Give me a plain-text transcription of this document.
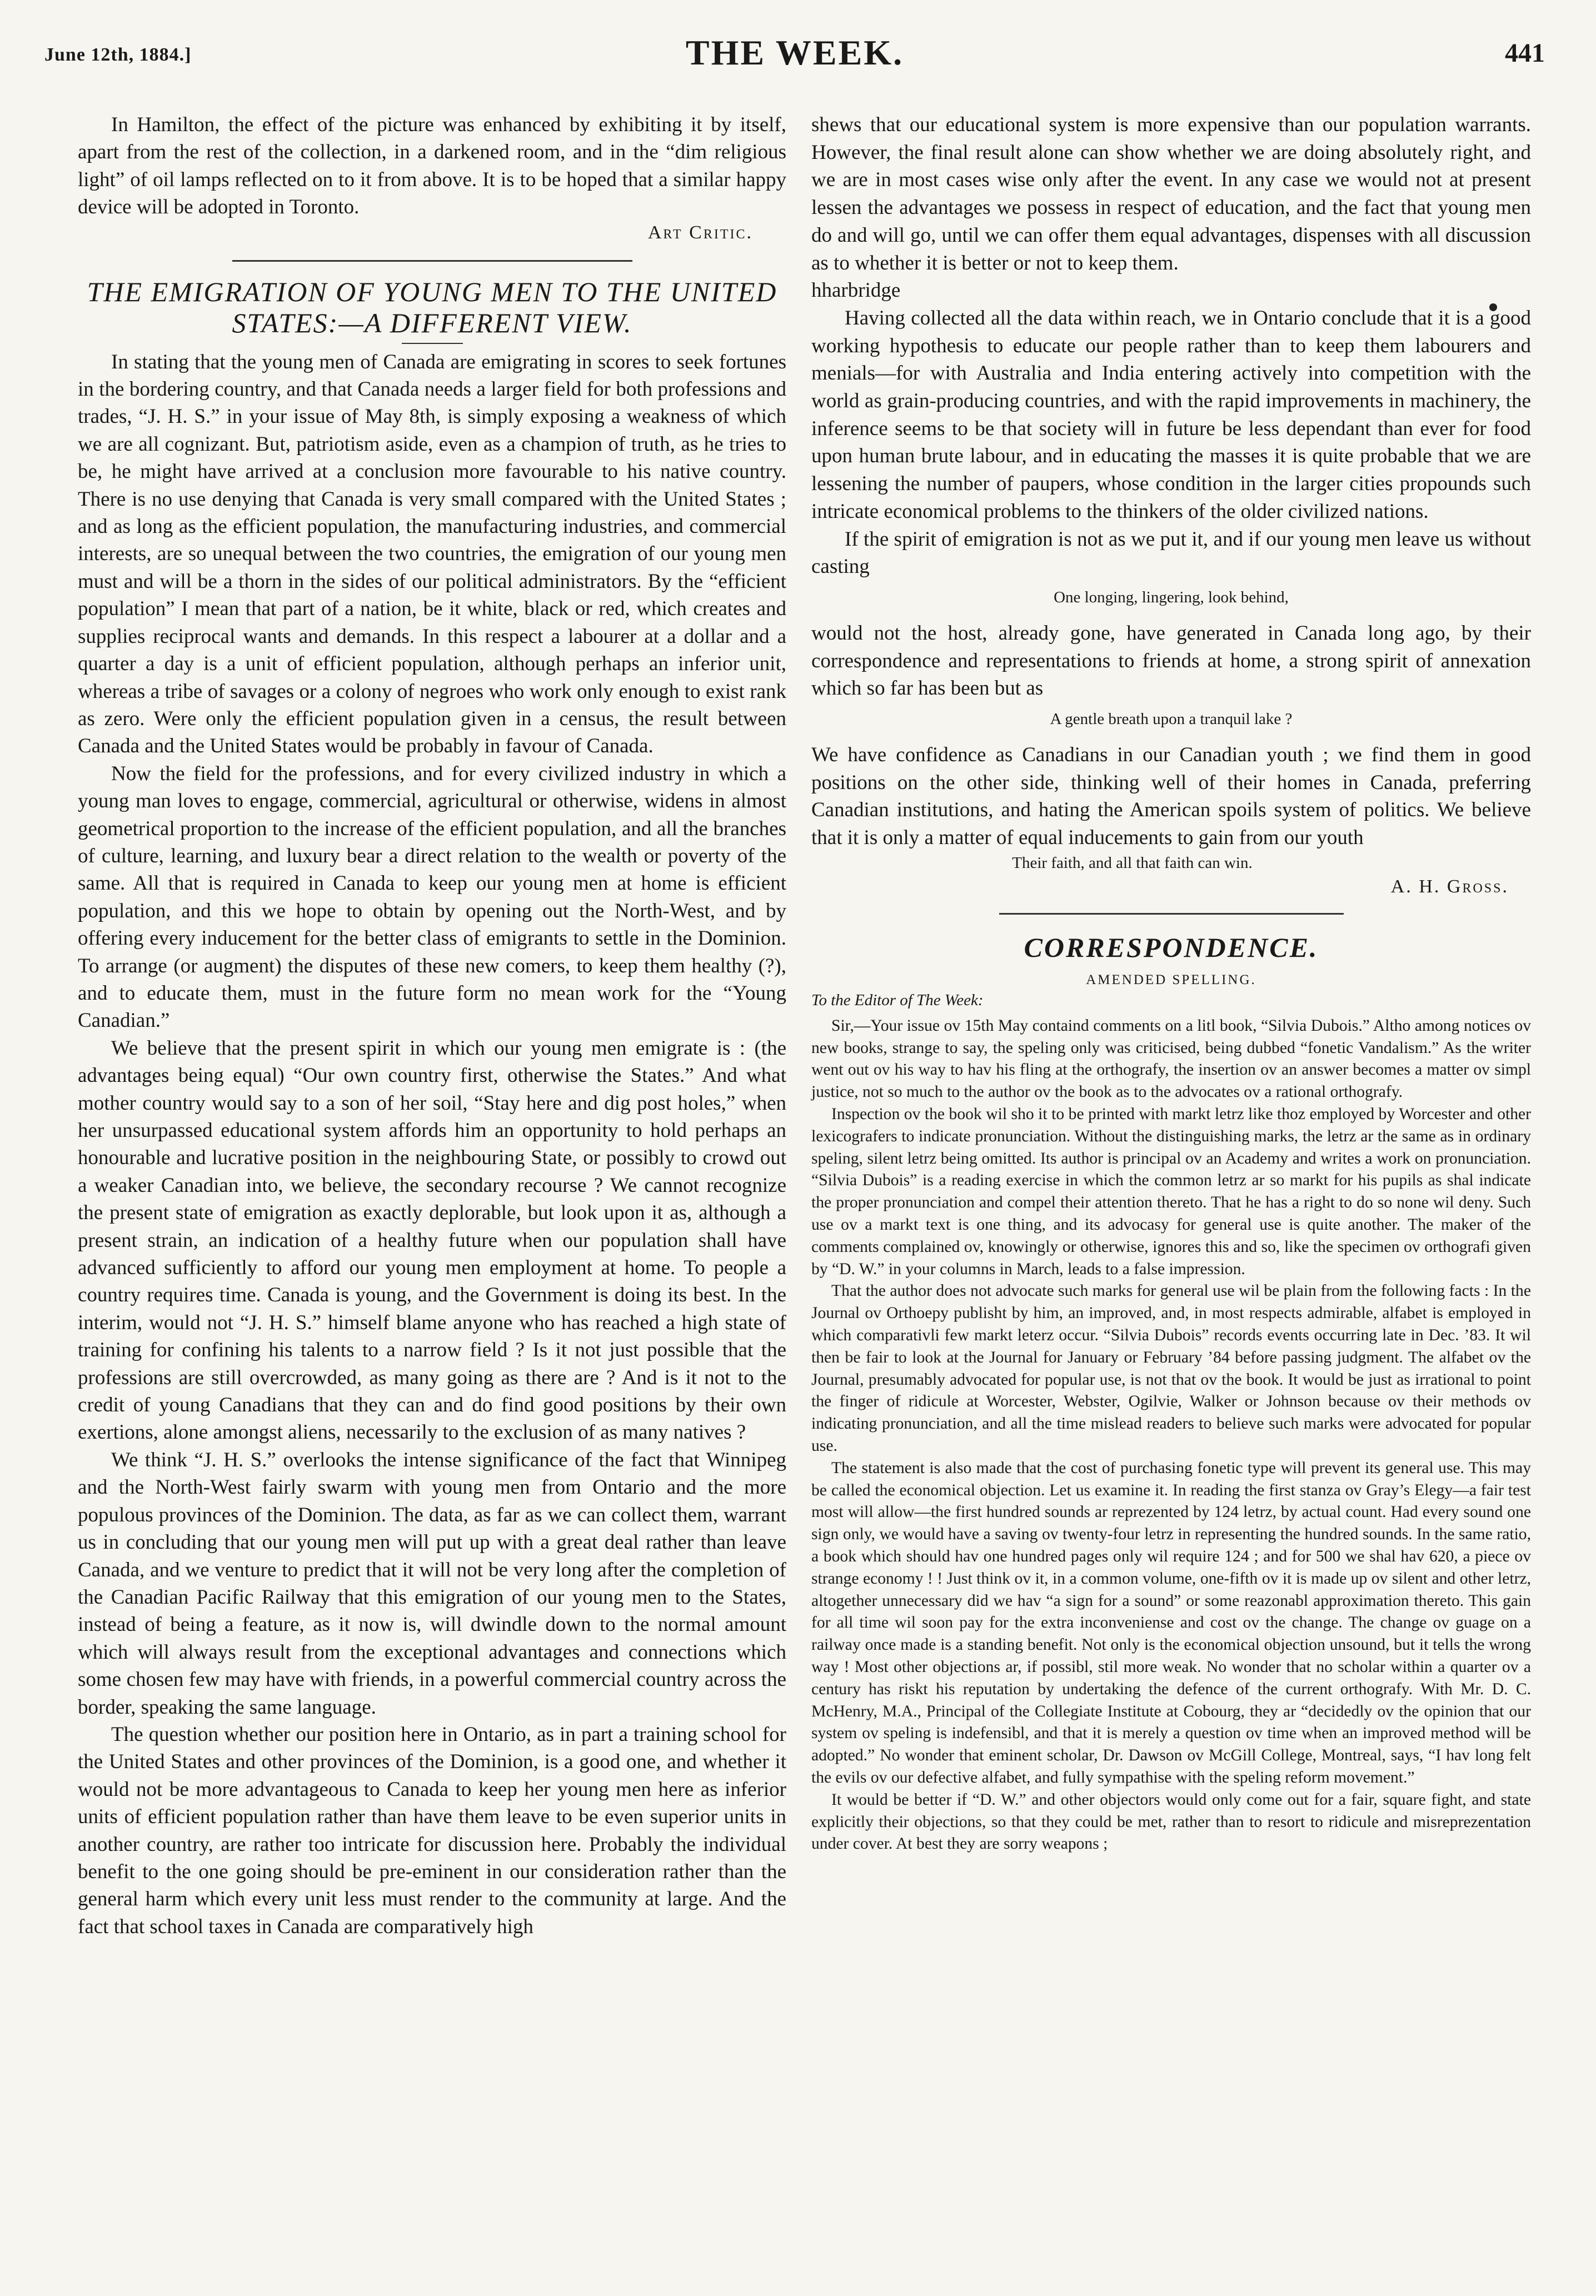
June 12th, 1884.]	THE WEEK.	441

In Hamilton, the effect of the picture was enhanced by exhibiting it by itself, apart from the rest of the collection, in a darkened room, and in the “dim religious light” of oil lamps reflected on to it from above. It is to be hoped that a similar happy device will be adopted in Toronto.

Art Critic.
THE EMIGRATION OF YOUNG MEN TO THE UNITED
STATES:—A DIFFERENT VIEW.

In stating that the young men of Canada are emigrating in scores to seek fortunes in the bordering country, and that Canada needs a larger field for both professions and trades, “J. H. S.” in your issue of May 8th, is simply exposing a weakness of which we are all cognizant. But, patriotism aside, even as a champion of truth, as he tries to be, he might have arrived at a conclusion more favourable to his native country. There is no use denying that Canada is very small compared with the United States ; and as long as the efficient population, the manufacturing industries, and commercial interests, are so unequal between the two countries, the emigration of our young men must and will be a thorn in the sides of our political administrators. By the “efficient population” I mean that part of a nation, be it white, black or red, which creates and supplies reciprocal wants and demands. In this respect a labourer at a dollar and a quarter a day is a unit of efficient population, although perhaps an inferior unit, whereas a tribe of savages or a colony of negroes who work only enough to exist rank as zero. Were only the efficient population given in a census, the result between Canada and the United States would be probably in favour of Canada.

Now the field for the professions, and for every civilized industry in which a young man loves to engage, commercial, agricultural or otherwise, widens in almost geometrical proportion to the increase of the efficient population, and all the branches of culture, learning, and luxury bear a direct relation to the wealth or poverty of the same. All that is required in Canada to keep our young men at home is efficient population, and this we hope to obtain by opening out the North-West, and by offering every inducement for the better class of emigrants to settle in the Dominion. To arrange (or augment) the disputes of these new comers, to keep them healthy (?), and to educate them, must in the future form no mean work for the “Young Canadian.”

We believe that the present spirit in which our young men emigrate is : (the advantages being equal) “Our own country first, otherwise the States.” And what mother country would say to a son of her soil, “Stay here and dig post holes,” when her unsurpassed educational system affords him an opportunity to hold perhaps an honourable and lucrative position in the neighbouring State, or possibly to crowd out a weaker Canadian into, we believe, the secondary recourse ? We cannot recognize the present state of emigration as exactly deplorable, but look upon it as, although a present strain, an indication of a healthy future when our population shall have advanced sufficiently to afford our young men employment at home. To people a country requires time. Canada is young, and the Government is doing its best. In the interim, would not “J. H. S.” himself blame anyone who has reached a high state of training for confining his talents to a narrow field ? Is it not just possible that the professions are still overcrowded, as many going as there are ? And is it not to the credit of young Canadians that they can and do find good positions by their own exertions, alone amongst aliens, necessarily to the exclusion of as many natives ?

We think “J. H. S.” overlooks the intense significance of the fact that Winnipeg and the North-West fairly swarm with young men from Ontario and the more populous provinces of the Dominion. The data, as far as we can collect them, warrant us in concluding that our young men will put up with a great deal rather than leave Canada, and we venture to predict that it will not be very long after the completion of the Canadian Pacific Railway that this emigration of our young men to the States, instead of being a feature, as it now is, will dwindle down to the normal amount which will always result from the exceptional advantages and connections which some chosen few may have with friends, in a powerful commercial country across the border, speaking the same language.

The question whether our position here in Ontario, as in part a training school for the United States and other provinces of the Dominion, is a good one, and whether it would not be more advantageous to Canada to keep her young men here as inferior units of efficient population rather than have them leave to be even superior units in another country, are rather too intricate for discussion here. Probably the individual benefit to the one going should be pre-eminent in our consideration rather than the general harm which every unit less must render to the community at large. And the fact that school taxes in Canada are comparatively high

shews that our educational system is more expensive than our population warrants. However, the final result alone can show whether we are doing absolutely right, and we are in most cases wise only after the event. In any case we would not at present lessen the advantages we possess in respect of education, and the fact that young men do and will go, until we can offer them equal advantages, dispenses with all discussion as to whether it is better or not to keep them.

hharbridge

Having collected all the data within reach, we in Ontario conclude that it is a good working hypothesis to educate our people rather than to keep them labourers and menials—for with Australia and India entering actively into competition with the world as grain-producing countries, and with the rapid improvements in machinery, the inference seems to be that society will in future be less dependant than ever for food upon human brute labour, and in educating the masses it is quite probable that we are lessening the number of paupers, whose condition in the larger cities propounds such intricate economical problems to the thinkers of the older civilized nations.

If the spirit of emigration is not as we put it, and if our young men leave us without casting

One longing, lingering, look behind,

would not the host, already gone, have generated in Canada long ago, by their correspondence and representations to friends at home, a strong spirit of annexation which so far has been but as

A gentle breath upon a tranquil lake ?

We have confidence as Canadians in our Canadian youth ; we find them in good positions on the other side, thinking well of their homes in Canada, preferring Canadian institutions, and hating the American spoils system of politics. We believe that it is only a matter of equal inducements to gain from our youth

Their faith, and all that faith can win.
A. H. Gross.
CORRESPONDENCE.
AMENDED SPELLING.
To the Editor of The Week:

Sir,—Your issue ov 15th May containd comments on a litl book, “Silvia Dubois.” Altho among notices ov new books, strange to say, the speling only was criticised, being dubbed “fonetic Vandalism.” As the writer went out ov his way to hav his fling at the orthografy, the insertion ov an answer becomes a matter ov simpl justice, not so much to the author ov the book as to the advocates ov a rational orthografy.

Inspection ov the book wil sho it to be printed with markt letrz like thoz employed by Worcester and other lexicografers to indicate pronunciation. Without the distinguishing marks, the letrz ar the same as in ordinary speling, silent letrz being omitted. Its author is principal ov an Academy and writes a work on pronunciation. “Silvia Dubois” is a reading exercise in which the common letrz ar so markt for his pupils as shal indicate the proper pronunciation and compel their attention thereto. That he has a right to do so none wil deny. Such use ov a markt text is one thing, and its advocasy for general use is quite another. The maker of the comments complained ov, knowingly or otherwise, ignores this and so, like the specimen ov orthografi given by “D. W.” in your columns in March, leads to a false impression.

That the author does not advocate such marks for general use wil be plain from the following facts : In the Journal ov Orthoepy publisht by him, an improved, and, in most respects admirable, alfabet is employed in which comparativli few markt leterz occur. “Silvia Dubois” records events occurring late in Dec. ’83. It wil then be fair to look at the Journal for January or February ’84 before passing judgment. The alfabet ov the Journal, presumably advocated for popular use, is not that ov the book. It would be just as irrational to point the finger of ridicule at Worcester, Webster, Ogilvie, Walker or Johnson because ov their methods ov indicating pronunciation, and all the time mislead readers to believe such marks were advocated for popular use.

The statement is also made that the cost of purchasing fonetic type will prevent its general use. This may be called the economical objection. Let us examine it. In reading the first stanza ov Gray’s Elegy—a fair test most will allow—the first hundred sounds ar reprezented by 124 letrz, by actual count. Had every sound one sign only, we would have a saving ov twenty-four letrz in representing the hundred sounds. In the same ratio, a book which should hav one hundred pages only wil require 124 ; and for 500 we shal hav 620, a piece ov strange economy ! ! Just think ov it, in a common volume, one-fifth ov it is made up ov silent and other letrz, altogether unnecessary did we hav “a sign for a sound” or some reazonabl approximation thereto. This gain for all time wil soon pay for the extra inconveniense and cost ov the change. The change ov guage on a railway once made is a standing benefit. Not only is the economical objection unsound, but it tells the wrong way ! Most other objections ar, if possibl, stil more weak. No wonder that no scholar within a quarter ov a century has riskt his reputation by undertaking the defence of the current orthografy. With Mr. D. C. McHenry, M.A., Principal of the Collegiate Institute at Cobourg, they ar “decidedly ov the opinion that our system ov speling is indefensibl, and that it is merely a question ov time when an improved method will be adopted.” No wonder that eminent scholar, Dr. Dawson ov McGill College, Montreal, says, “I hav long felt the evils ov our defective alfabet, and fully sympathise with the speling reform movement.”

It would be better if “D. W.” and other objectors would only come out for a fair, square fight, and state explicitly their objections, so that they could be met, rather than to resort to ridicule and misreprezentation under cover. At best they are sorry weapons ;
